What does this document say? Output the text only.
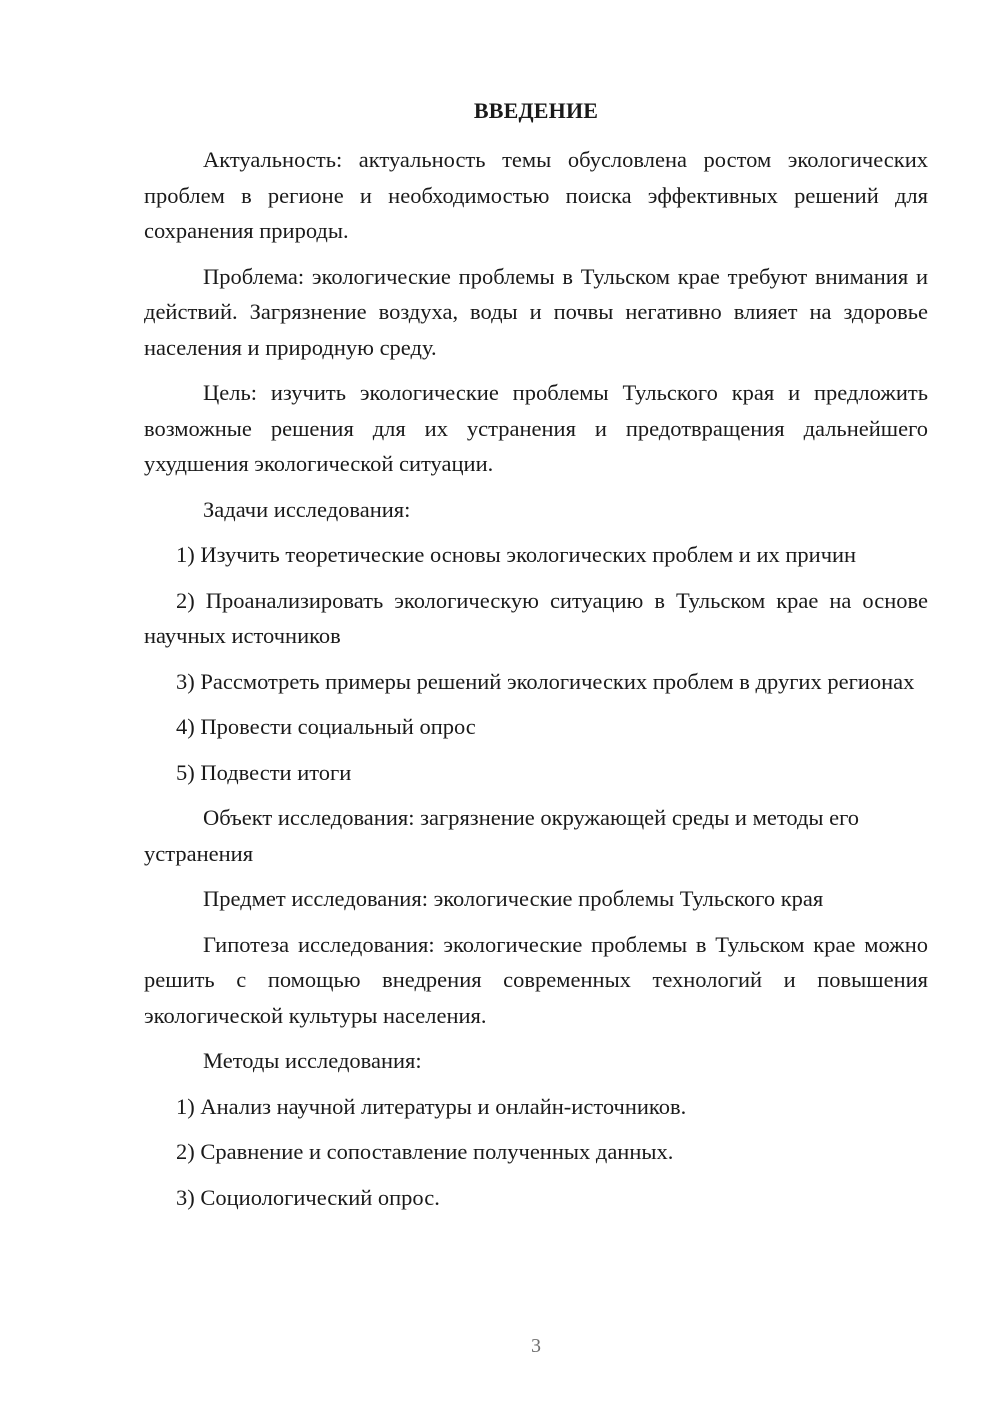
ВВЕДЕНИЕ

Актуальность: актуальность темы обусловлена ростом экологических проблем в регионе и необходимостью поиска эффективных решений для сохранения природы.

Проблема: экологические проблемы в Тульском крае требуют внимания и действий. Загрязнение воздуха, воды и почвы негативно влияет на здоровье населения и природную среду.

Цель: изучить экологические проблемы Тульского края и предложить возможные решения для их устранения и предотвращения дальнейшего ухудшения экологической ситуации.

Задачи исследования:

1) Изучить теоретические основы экологических проблем и их причин

2) Проанализировать экологическую ситуацию в Тульском крае на основе научных источников

3) Рассмотреть примеры решений экологических проблем в других регионах

4) Провести социальный опрос

5) Подвести итоги

Объект исследования: загрязнение окружающей среды и методы его устранения

Предмет исследования: экологические проблемы Тульского края

Гипотеза исследования: экологические проблемы в Тульском крае можно решить с помощью внедрения современных технологий и повышения экологической культуры населения.

Методы исследования:

1) Анализ научной литературы и онлайн-источников.

2) Сравнение и сопоставление полученных данных.

3) Социологический опрос.

3
